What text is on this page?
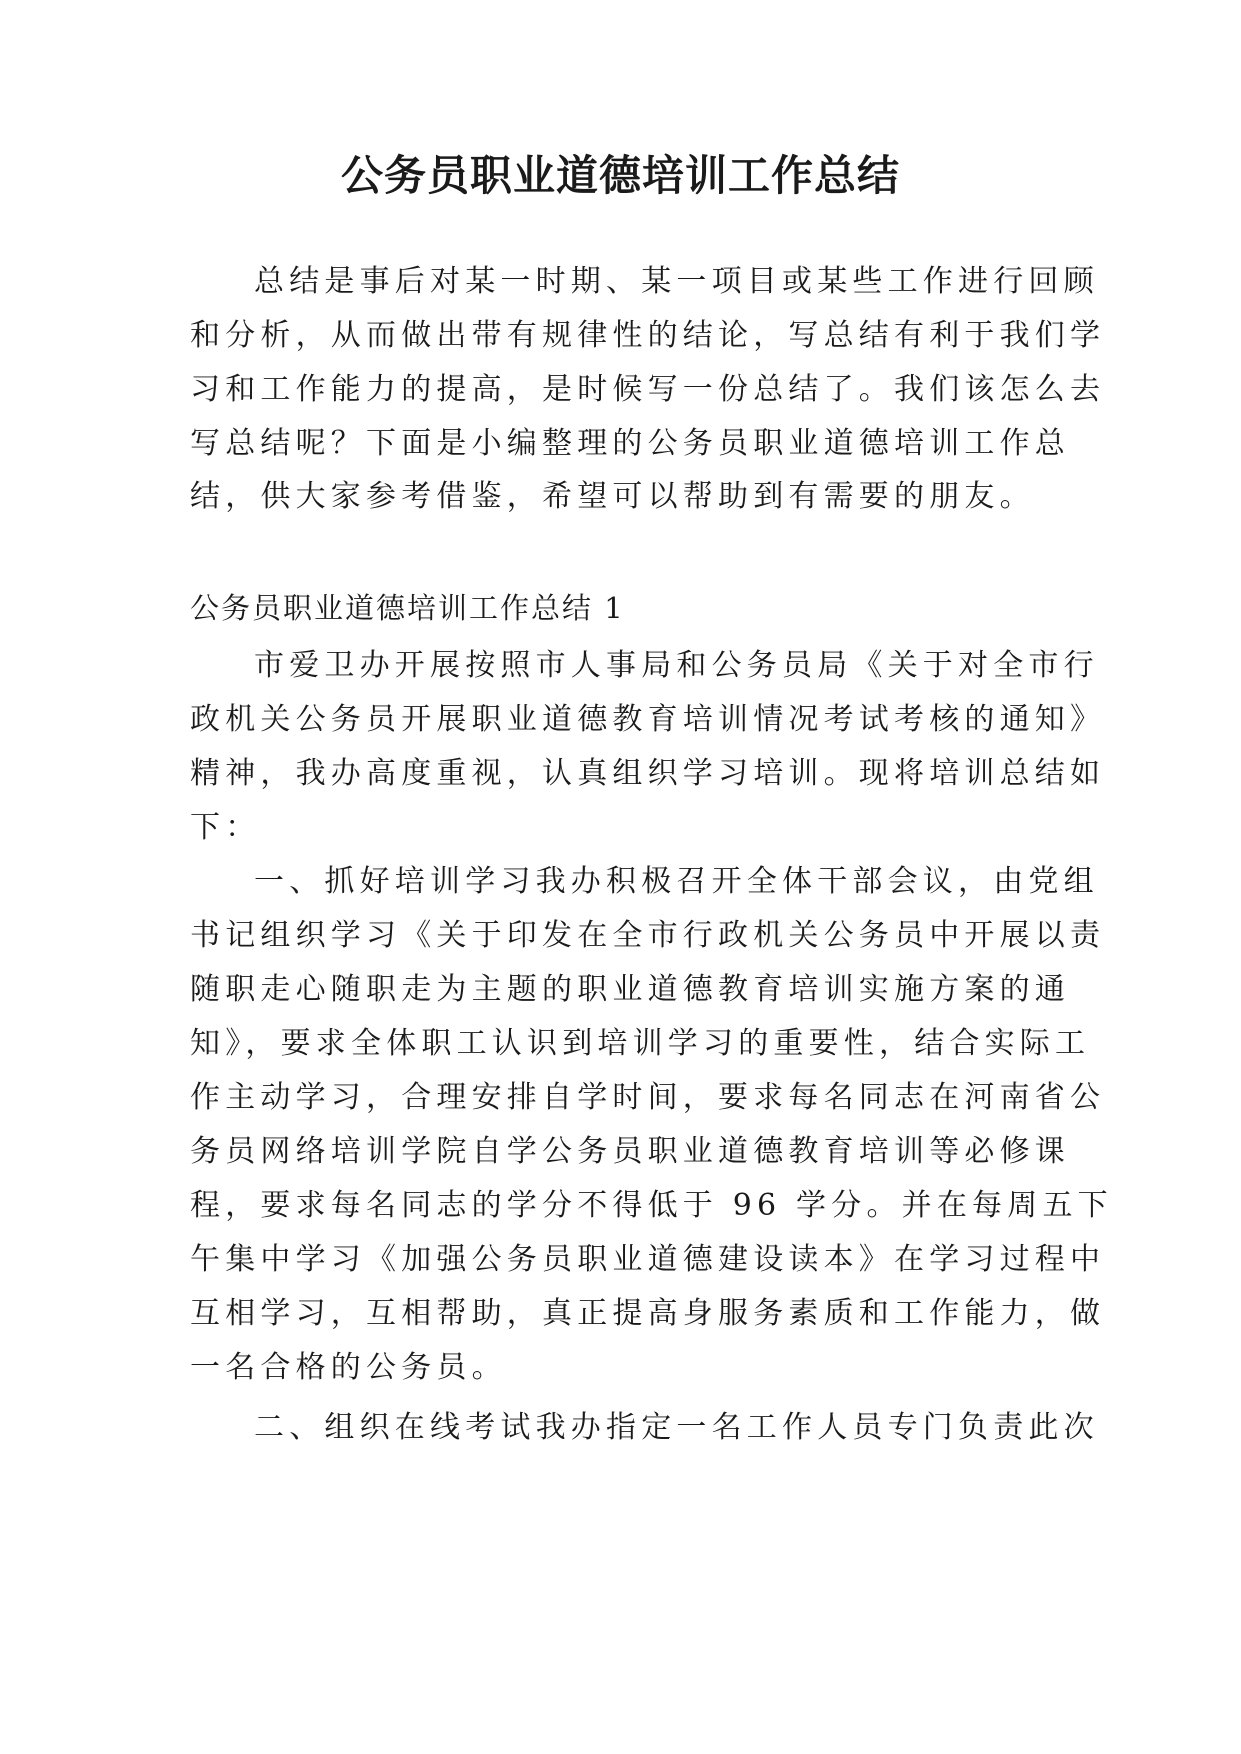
公务员职业道德培训工作总结

总结是事后对某一时期、某一项目或某些工作进行回顾

和分析，从而做出带有规律性的结论，写总结有利于我们学

习和工作能力的提高，是时候写一份总结了。我们该怎么去

写总结呢？下面是小编整理的公务员职业道德培训工作总

结，供大家参考借鉴，希望可以帮助到有需要的朋友。

公务员职业道德培训工作总结 1

市爱卫办开展按照市人事局和公务员局《关于对全市行

政机关公务员开展职业道德教育培训情况考试考核的通知》

精神，我办高度重视，认真组织学习培训。现将培训总结如

下：

一、抓好培训学习我办积极召开全体干部会议，由党组

书记组织学习《关于印发在全市行政机关公务员中开展以责

随职走心随职走为主题的职业道德教育培训实施方案的通

知》，要求全体职工认识到培训学习的重要性，结合实际工

作主动学习，合理安排自学时间，要求每名同志在河南省公

务员网络培训学院自学公务员职业道德教育培训等必修课

程，要求每名同志的学分不得低于 96 学分。并在每周五下

午集中学习《加强公务员职业道德建设读本》在学习过程中

互相学习，互相帮助，真正提高身服务素质和工作能力，做

一名合格的公务员。

二、组织在线考试我办指定一名工作人员专门负责此次
